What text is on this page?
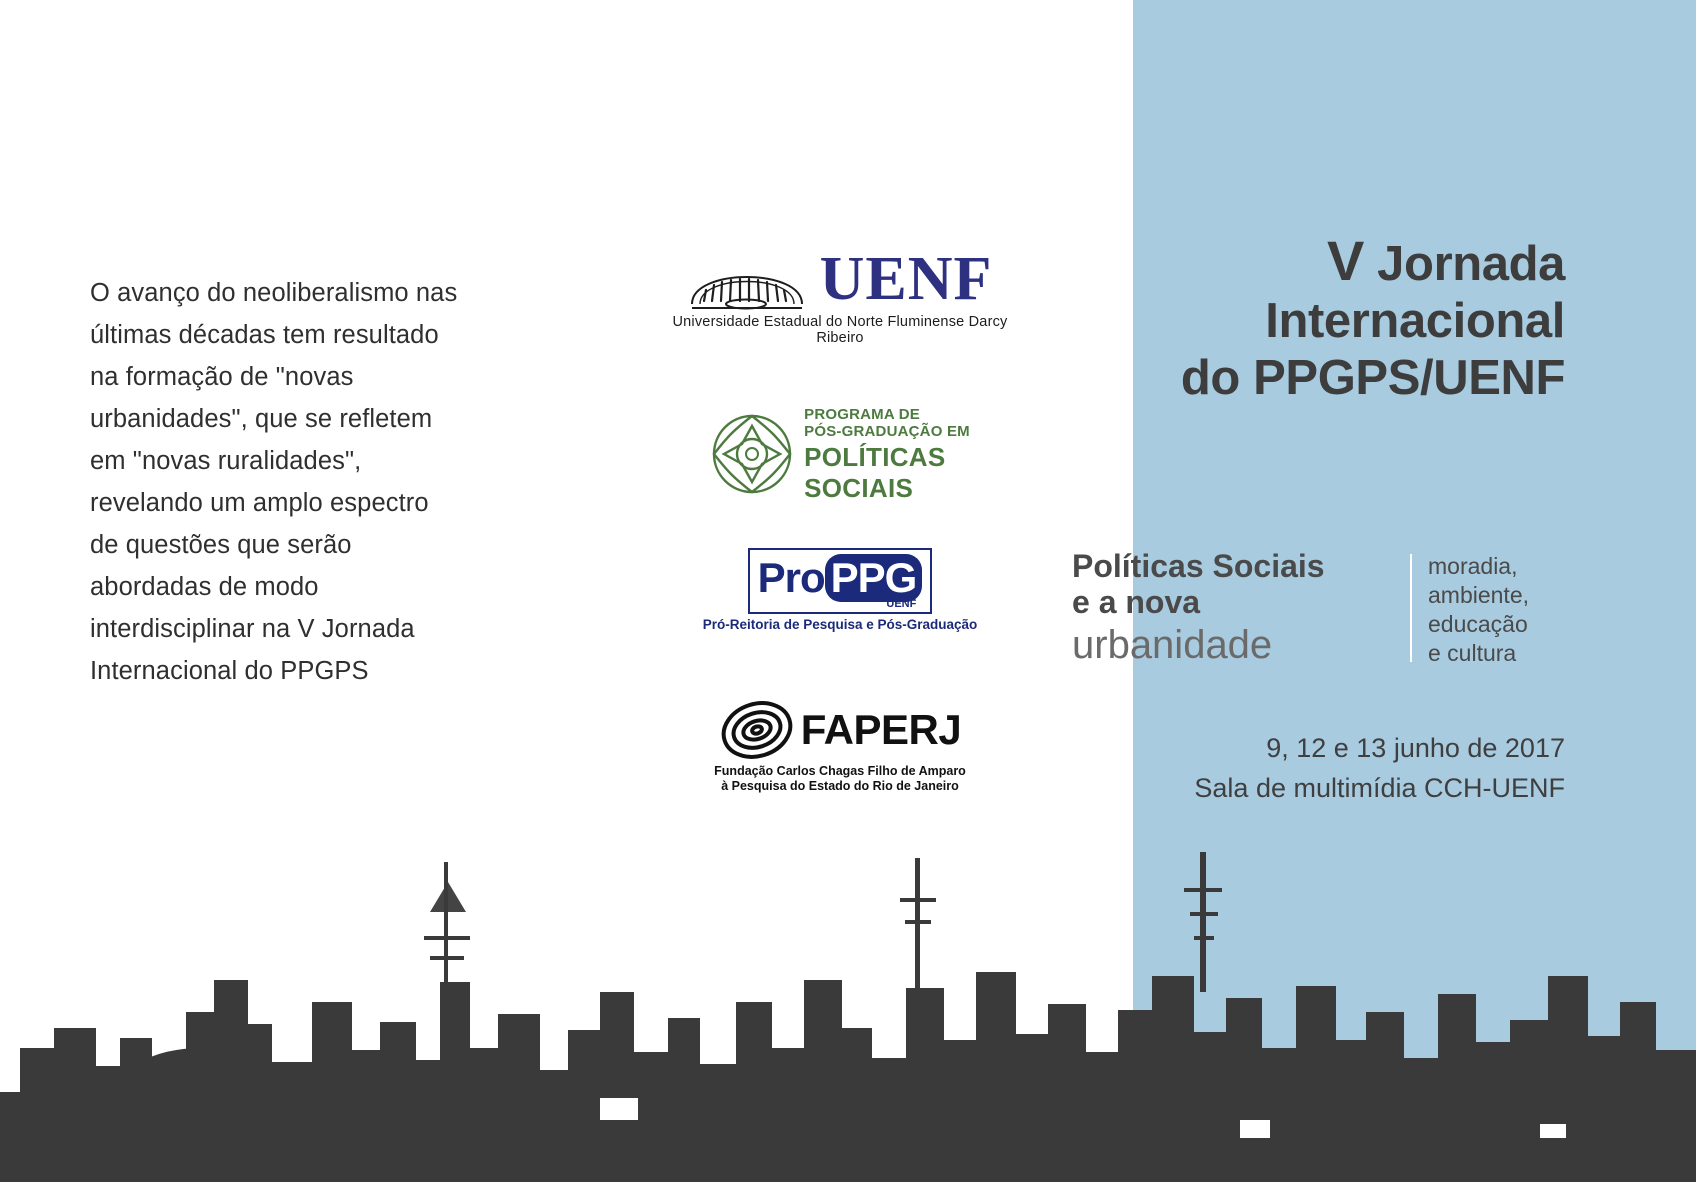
O avanço do neoliberalismo nas últimas décadas tem resultado na formação de "novas urbanidades", que se refletem em "novas ruralidades", revelando um amplo espectro de questões que serão abordadas de modo interdisciplinar na V Jornada Internacional do PPGPS
UENF
Universidade Estadual do Norte Fluminense Darcy Ribeiro
PROGRAMA DE
PÓS-GRADUAÇÃO EM
POLÍTICAS
SOCIAIS
Pro PPG
UENF
Pró-Reitoria de Pesquisa e Pós-Graduação
FAPERJ
Fundação Carlos Chagas Filho de Amparo
à Pesquisa do Estado do Rio de Janeiro
V Jornada
Internacional
do PPGPS/UENF
Políticas Sociais
e a nova
urbanidade
moradia,
ambiente,
educação
e cultura
9, 12 e 13 junho de 2017
Sala de multimídia CCH-UENF
